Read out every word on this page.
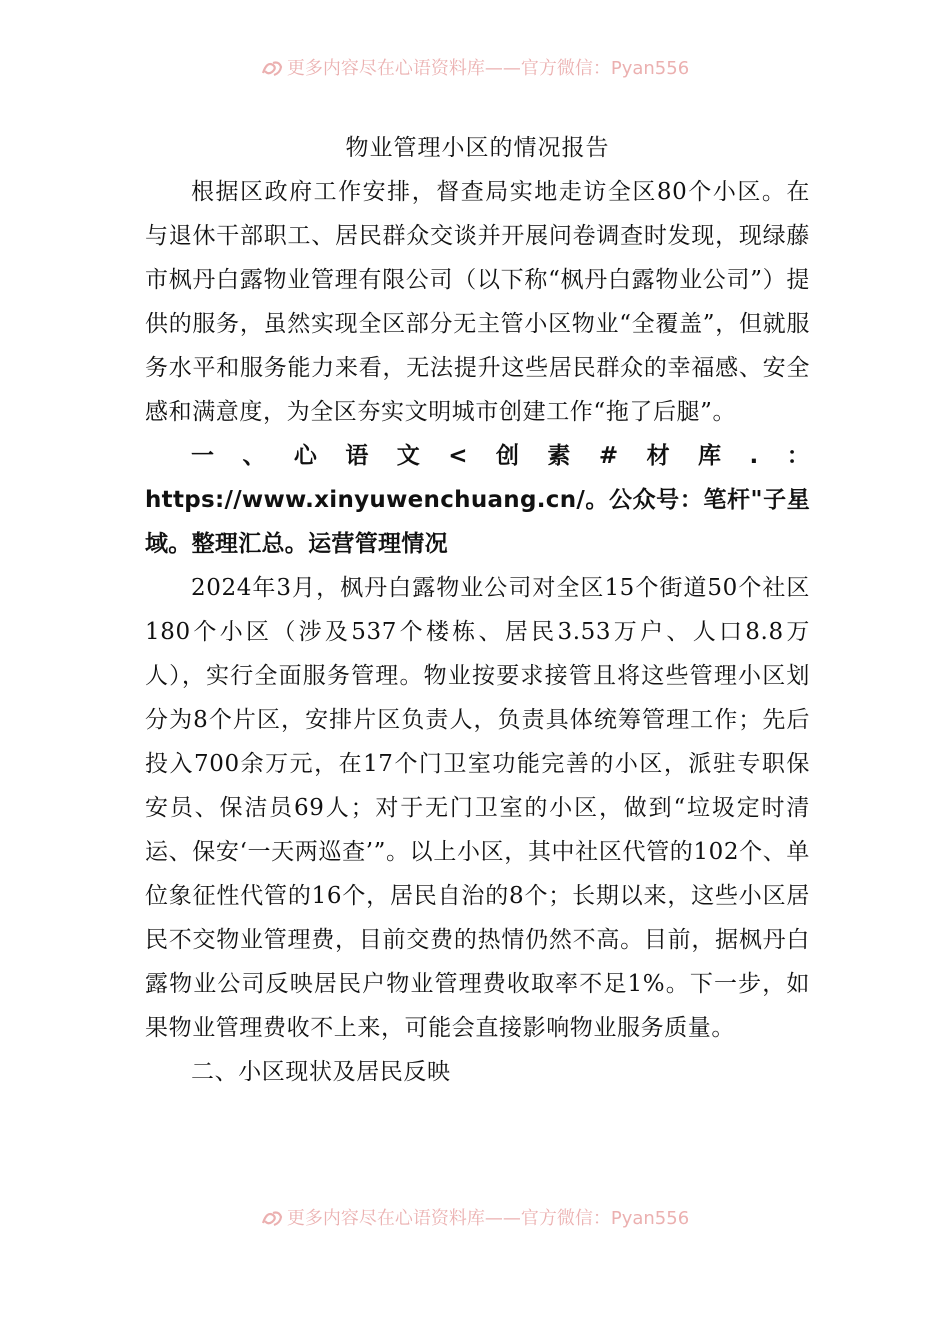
更多内容尽在心语资料库——官方微信：Pyan556
物业管理小区的情况报告

根据区政府工作安排，督查局实地走访全区80个小区。在与退休干部职工、居民群众交谈并开展问卷调查时发现，现绿藤市枫丹白露物业管理有限公司（以下称“枫丹白露物业公司”）提供的服务，虽然实现全区部分无主管小区物业“全覆盖”，但就服务水平和服务能力来看，无法提升这些居民群众的幸福感、安全感和满意度，为全区夯实文明城市创建工作“拖了后腿”。

一、心语文<创素#材库.：https://www.xinyuwenchuang.cn/。公众号：笔杆"子星域。整理汇总。运营管理情况

2024年3月，枫丹白露物业公司对全区15个街道50个社区180个小区（涉及537个楼栋、居民3.53万户、人口8.8万人），实行全面服务管理。物业按要求接管且将这些管理小区划分为8个片区，安排片区负责人，负责具体统筹管理工作；先后投入700余万元，在17个门卫室功能完善的小区，派驻专职保安员、保洁员69人；对于无门卫室的小区，做到“垃圾定时清运、保安‘一天两巡查’”。以上小区，其中社区代管的102个、单位象征性代管的16个，居民自治的8个；长期以来，这些小区居民不交物业管理费，目前交费的热情仍然不高。目前，据枫丹白露物业公司反映居民户物业管理费收取率不足1%。下一步，如果物业管理费收不上来，可能会直接影响物业服务质量。

二、小区现状及居民反映

更多内容尽在心语资料库——官方微信：Pyan556
